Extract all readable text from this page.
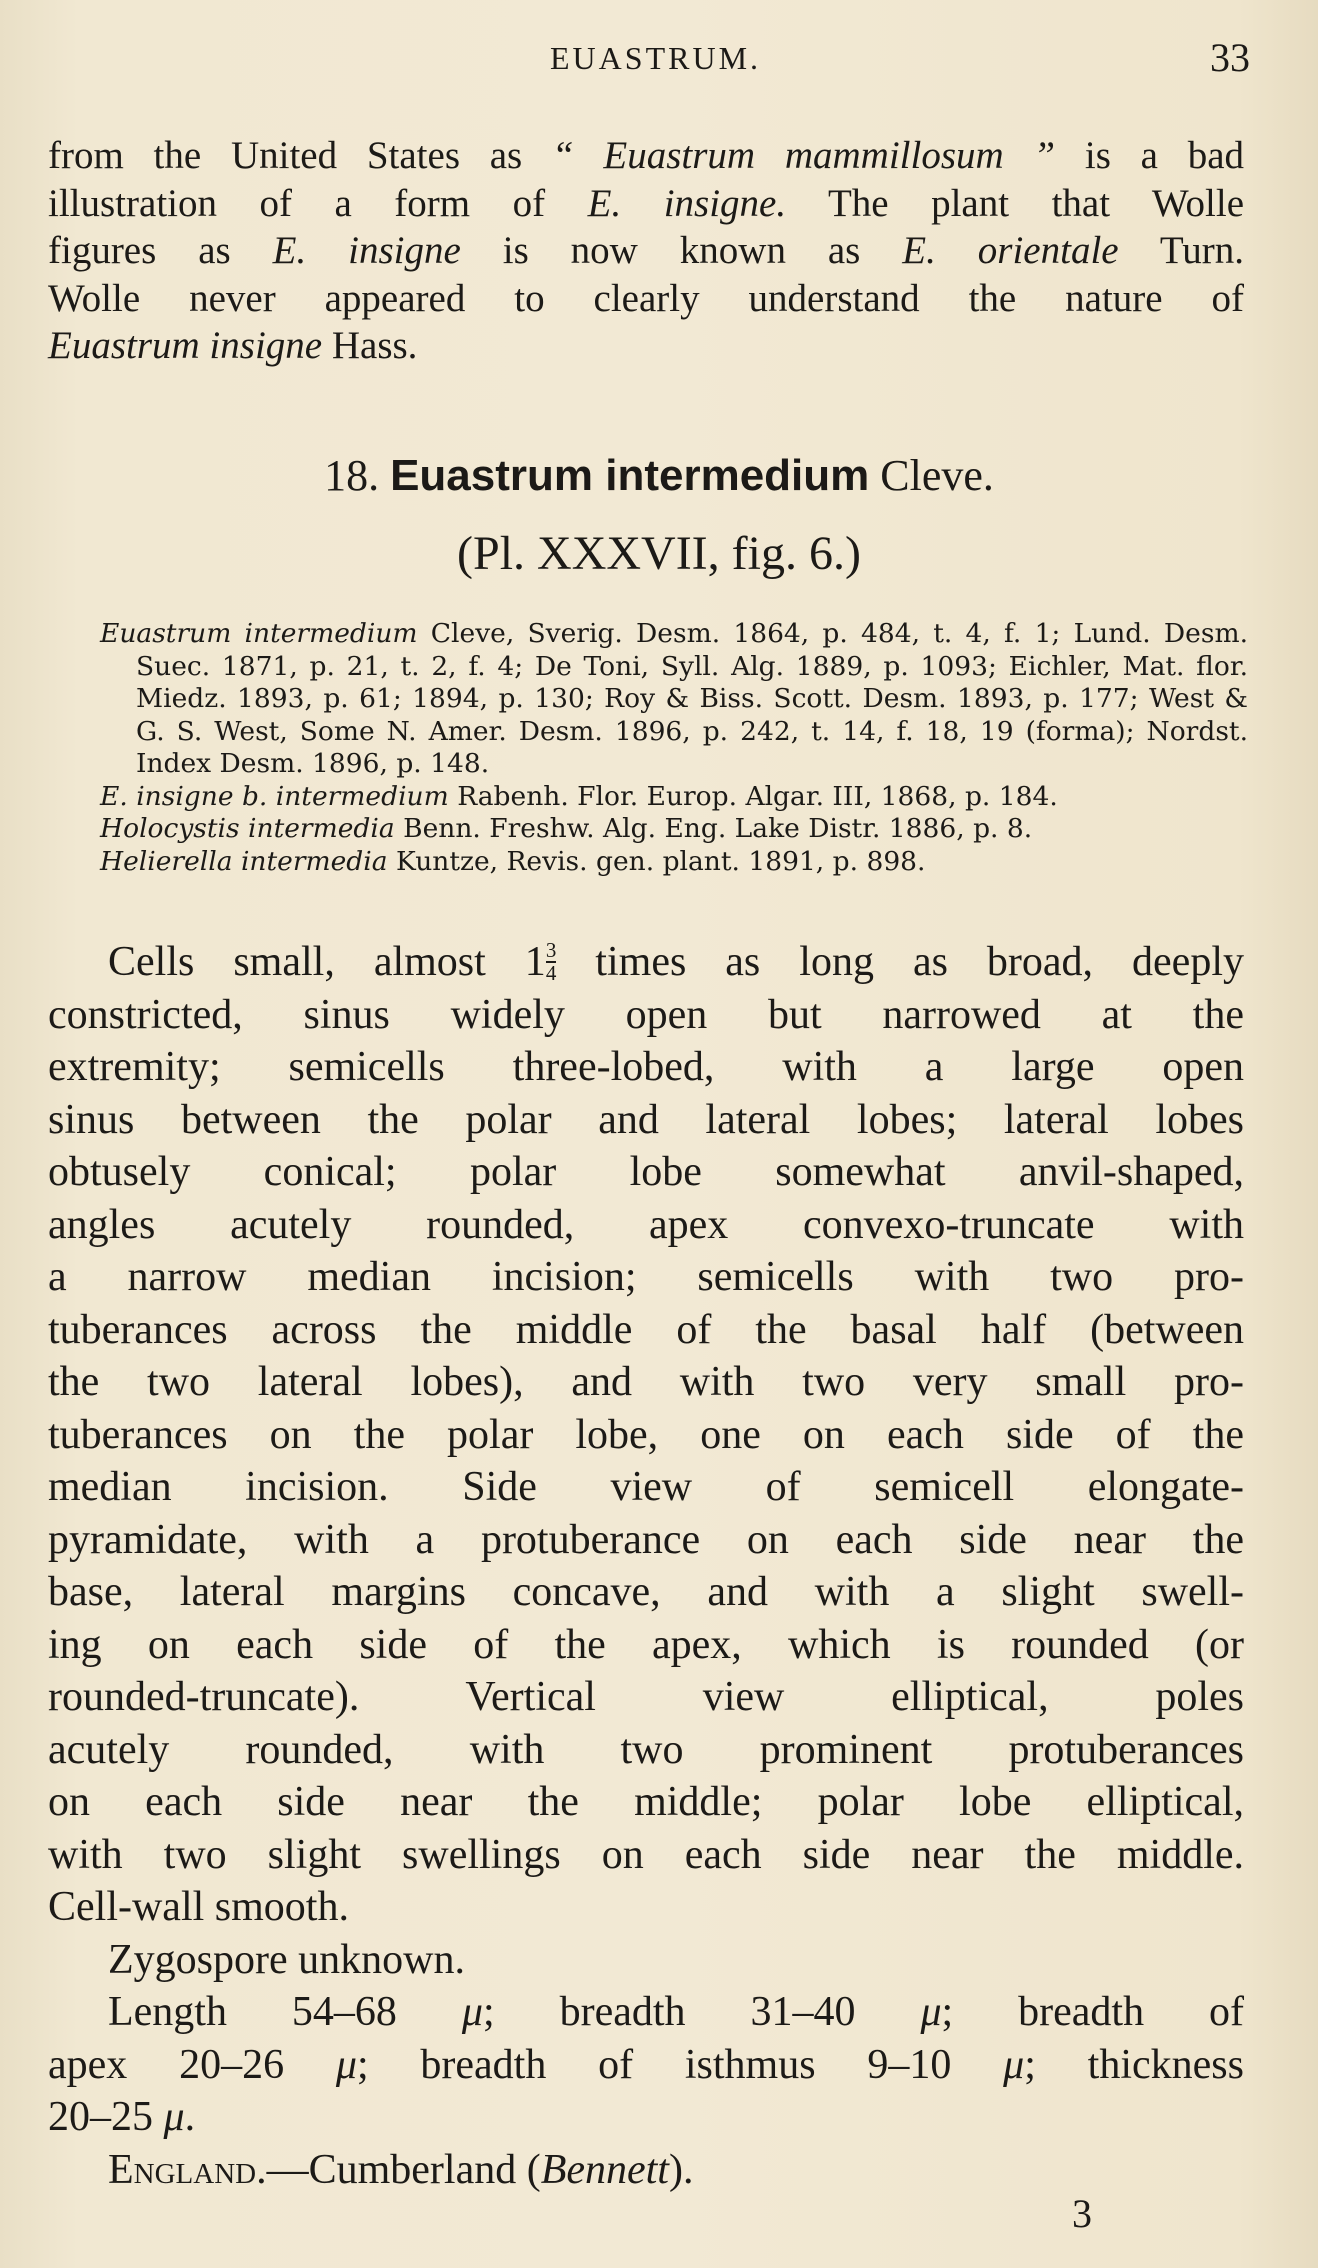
EUASTRUM.	33
from the United States as “ Euastrum mammillosum ” is a bad
illustration of a form of E. insigne. The plant that Wolle
figures as E. insigne is now known as E. orientale Turn.
Wolle never appeared to clearly understand the nature of
Euastrum insigne Hass.
18. Euastrum intermedium Cleve.
(Pl. XXXVII, fig. 6.)
Euastrum intermedium Cleve, Sverig. Desm. 1864, p. 484, t. 4, f. 1; Lund. Desm. Suec. 1871, p. 21, t. 2, f. 4; De Toni, Syll. Alg. 1889, p. 1093; Eichler, Mat. flor. Miedz. 1893, p. 61; 1894, p. 130; Roy & Biss. Scott. Desm. 1893, p. 177; West & G. S. West, Some N. Amer. Desm. 1896, p. 242, t. 14, f. 18, 19 (forma); Nordst. Index Desm. 1896, p. 148.
E. insigne b. intermedium Rabenh. Flor. Europ. Algar. III, 1868, p. 184.
Holocystis intermedia Benn. Freshw. Alg. Eng. Lake Distr. 1886, p. 8.
Helierella intermedia Kuntze, Revis. gen. plant. 1891, p. 898.
Cells small, almost $1 \frac{3}{4}$ times as long as broad, deeply
constricted, sinus widely open but narrowed at the
extremity; semicells three-lobed, with a large open
sinus between the polar and lateral lobes; lateral lobes
obtusely conical; polar lobe somewhat anvil-shaped,
angles acutely rounded, apex convexo-truncate with
a narrow median incision; semicells with two pro-
tuberances across the middle of the basal half (between
the two lateral lobes), and with two very small pro-
tuberances on the polar lobe, one on each side of the
median incision. Side view of semicell elongate-
pyramidate, with a protuberance on each side near the
base, lateral margins concave, and with a slight swell-
ing on each side of the apex, which is rounded (or
rounded-truncate). Vertical view elliptical, poles
acutely rounded, with two prominent protuberances
on each side near the middle; polar lobe elliptical,
with two slight swellings on each side near the middle.
Cell-wall smooth.
Zygospore unknown.
Length 54–68 μ; breadth 31–40 μ; breadth of
apex 20–26 μ; breadth of isthmus 9–10 μ; thickness
20–25 μ.
England.—Cumberland (Bennett).
3
